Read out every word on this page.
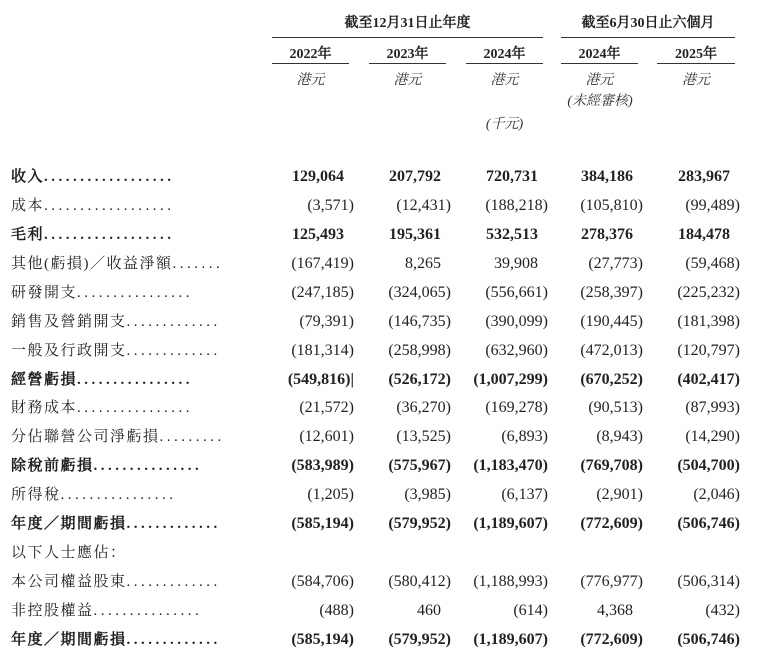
截至12月31日止年度	截至6月30日止六個月
2022年	2023年	2024年	2024年	2025年
港元	港元	港元	港元	港元
(未經審核)
(千元)
收入..................	129,064	207,792	720,731	384,186	283,967
成本..................	(3,571)	(12,431)	(188,218)	(105,810)	(99,489)
毛利..................	125,493	195,361	532,513	278,376	184,478
其他(虧損)／收益淨額.......	(167,419)	8,265	39,908	(27,773)	(59,468)
研發開支................	(247,185)	(324,065)	(556,661)	(258,397)	(225,232)
銷售及營銷開支.............	(79,391)	(146,735)	(390,099)	(190,445)	(181,398)
一般及行政開支.............	(181,314)	(258,998)	(632,960)	(472,013)	(120,797)
經營虧損................	(549,816)|	(526,172)	(1,007,299)	(670,252)	(402,417)
財務成本................	(21,572)	(36,270)	(169,278)	(90,513)	(87,993)
分佔聯營公司淨虧損.........	(12,601)	(13,525)	(6,893)	(8,943)	(14,290)
除稅前虧損...............	(583,989)	(575,967)	(1,183,470)	(769,708)	(504,700)
所得稅................	(1,205)	(3,985)	(6,137)	(2,901)	(2,046)
年度／期間虧損.............	(585,194)	(579,952)	(1,189,607)	(772,609)	(506,746)
以下人士應佔：
本公司權益股東.............	(584,706)	(580,412)	(1,188,993)	(776,977)	(506,314)
非控股權益...............	(488)	460	(614)	4,368	(432)
年度／期間虧損.............	(585,194)	(579,952)	(1,189,607)	(772,609)	(506,746)
